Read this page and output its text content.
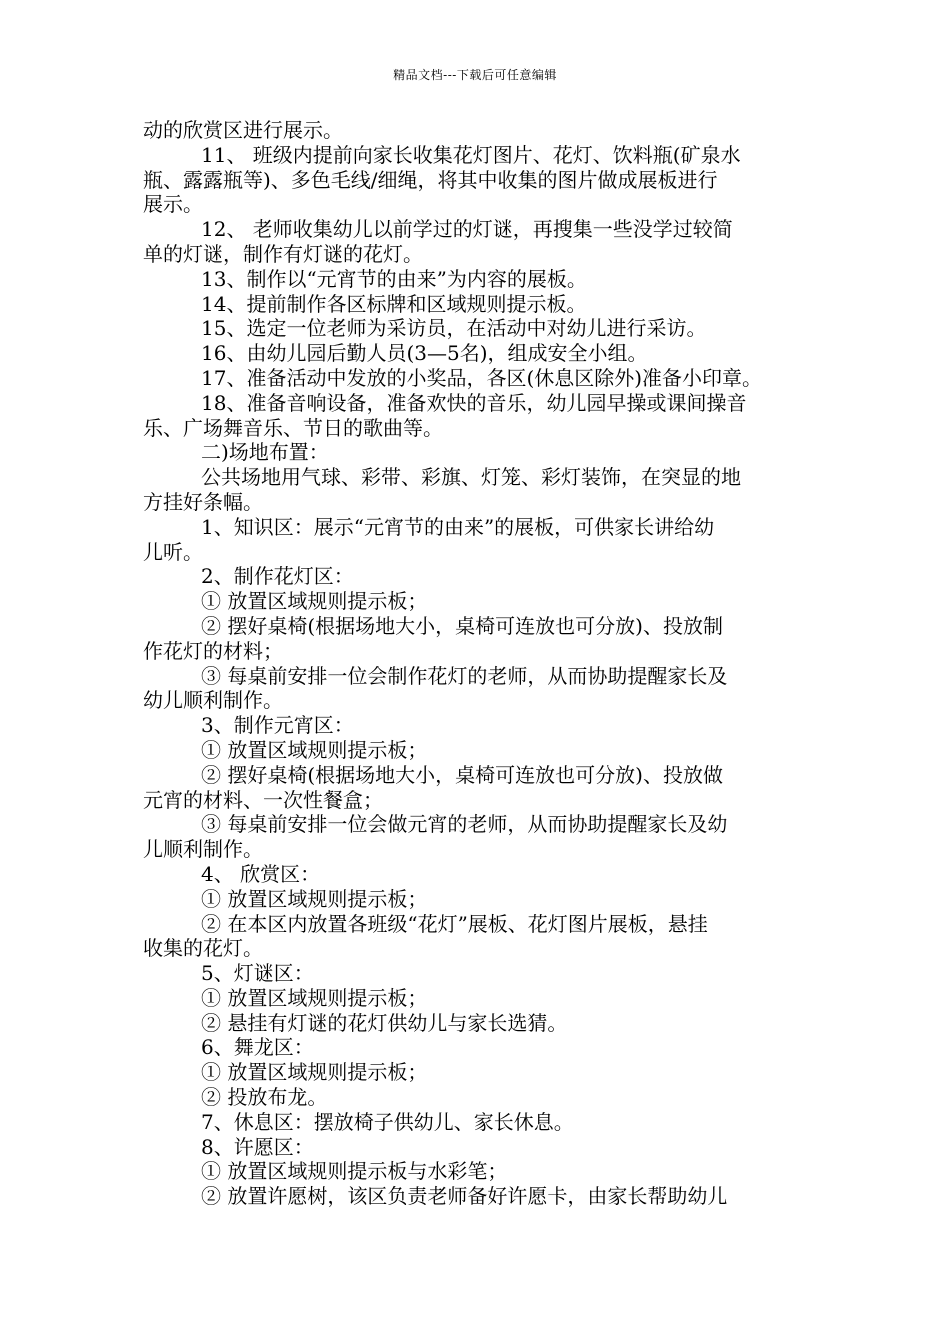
精品文档---下载后可任意编辑

动的欣赏区进行展示。

11、 班级内提前向家长收集花灯图片、花灯、饮料瓶(矿泉水

瓶、露露瓶等)、多色毛线/细绳，将其中收集的图片做成展板进行

展示。

12、 老师收集幼儿以前学过的灯谜，再搜集一些没学过较简

单的灯谜，制作有灯谜的花灯。

13、制作以“元宵节的由来”为内容的展板。

14、提前制作各区标牌和区域规则提示板。

15、选定一位老师为采访员，在活动中对幼儿进行采访。

16、由幼儿园后勤人员(3—5名)，组成安全小组。

17、准备活动中发放的小奖品，各区(休息区除外)准备小印章。

18、准备音响设备，准备欢快的音乐，幼儿园早操或课间操音

乐、广场舞音乐、节日的歌曲等。

二)场地布置：

公共场地用气球、彩带、彩旗、灯笼、彩灯装饰，在突显的地

方挂好条幅。

1、知识区：展示“元宵节的由来”的展板，可供家长讲给幼

儿听。

2、制作花灯区：

① 放置区域规则提示板；

② 摆好桌椅(根据场地大小，桌椅可连放也可分放)、投放制

作花灯的材料；

③ 每桌前安排一位会制作花灯的老师，从而协助提醒家长及

幼儿顺利制作。

3、制作元宵区：

① 放置区域规则提示板；

② 摆好桌椅(根据场地大小，桌椅可连放也可分放)、投放做

元宵的材料、一次性餐盒；

③ 每桌前安排一位会做元宵的老师，从而协助提醒家长及幼

儿顺利制作。

4、 欣赏区：

① 放置区域规则提示板；

② 在本区内放置各班级“花灯”展板、花灯图片展板，悬挂

收集的花灯。

5、灯谜区：

① 放置区域规则提示板；

② 悬挂有灯谜的花灯供幼儿与家长选猜。

6、舞龙区：

① 放置区域规则提示板；

② 投放布龙。

7、休息区：摆放椅子供幼儿、家长休息。

8、许愿区：

① 放置区域规则提示板与水彩笔；

② 放置许愿树，该区负责老师备好许愿卡，由家长帮助幼儿
